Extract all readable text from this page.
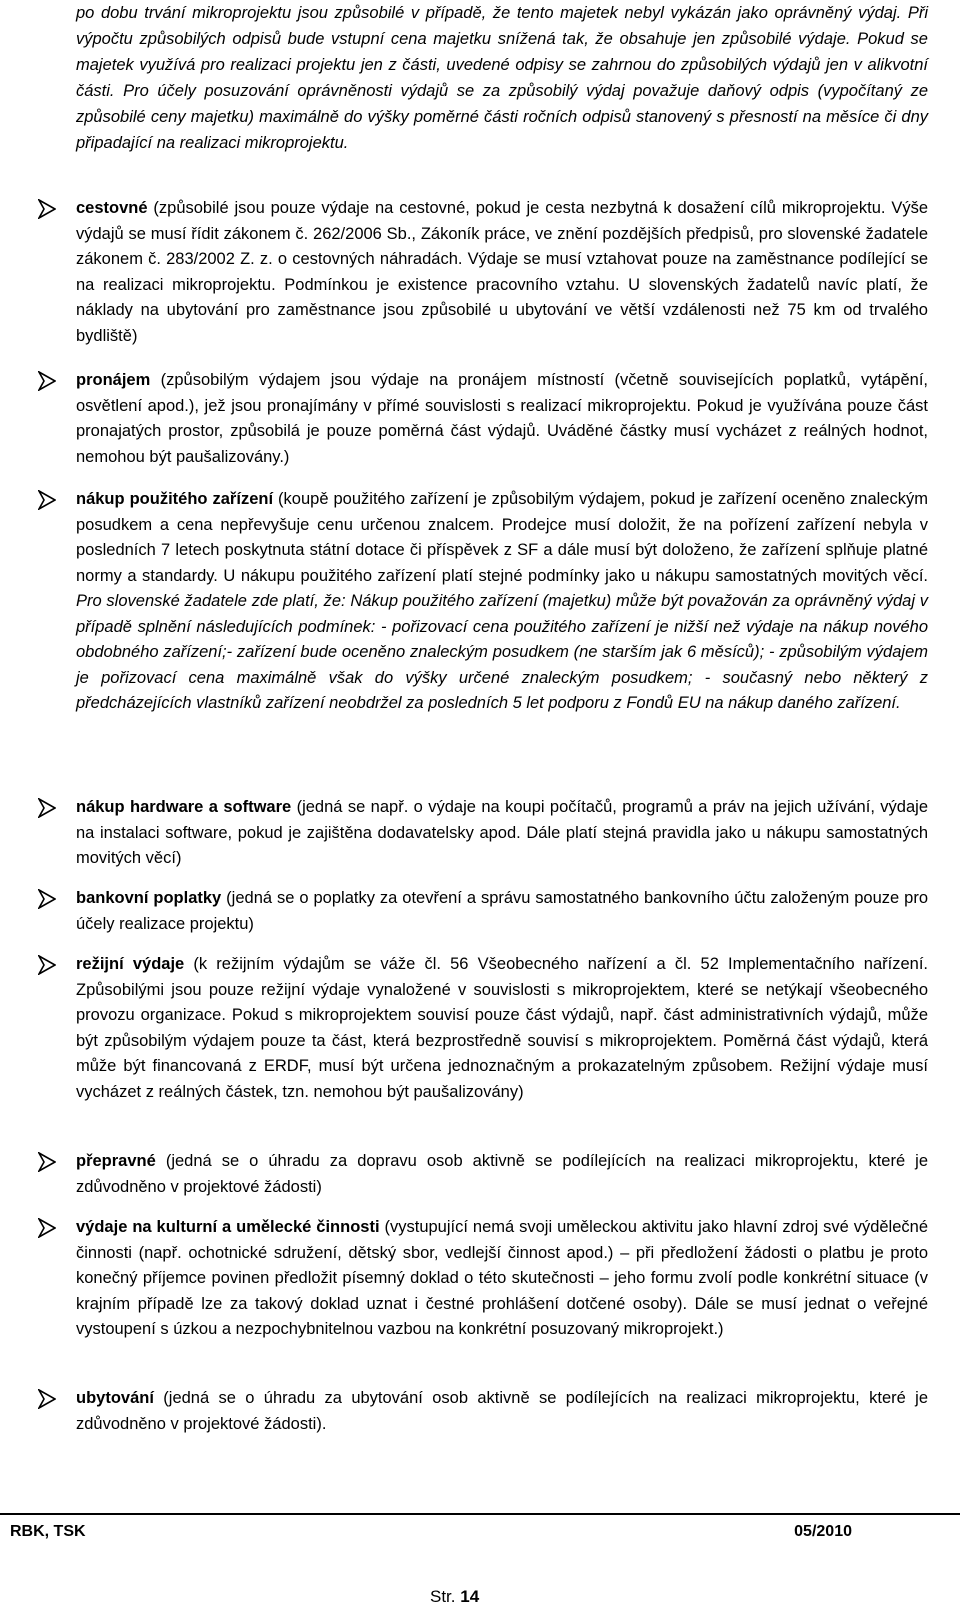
po dobu trvání mikroprojektu jsou způsobilé v případě, že tento majetek nebyl vykázán jako oprávněný výdaj. Při výpočtu způsobilých odpisů bude vstupní cena majetku snížená tak, že obsahuje jen způsobilé výdaje. Pokud se majetek využívá pro realizaci projektu jen z části, uvedené odpisy se zahrnou do způsobilých výdajů jen v alikvotní části. Pro účely posuzování oprávněnosti výdajů se za způsobilý výdaj považuje daňový odpis (vypočítaný ze způsobilé ceny majetku) maximálně do výšky poměrné části ročních odpisů stanovený s přesností na měsíce či dny připadající na realizaci mikroprojektu.
cestovné (způsobilé jsou pouze výdaje na cestovné, pokud je cesta nezbytná k dosažení cílů mikroprojektu. Výše výdajů se musí řídit zákonem č. 262/2006 Sb., Zákoník práce, ve znění pozdějších předpisů, pro slovenské žadatele zákonem č. 283/2002 Z. z. o cestovných náhradách. Výdaje se musí vztahovat pouze na zaměstnance podílející se na realizaci mikroprojektu. Podmínkou je existence pracovního vztahu. U slovenských žadatelů navíc platí, že náklady na ubytování pro zaměstnance jsou způsobilé u ubytování ve větší vzdálenosti než 75 km od trvalého bydliště)
pronájem (způsobilým výdajem jsou výdaje na pronájem místností (včetně souvisejících poplatků, vytápění, osvětlení apod.), jež jsou pronajímány v přímé souvislosti s realizací mikroprojektu. Pokud je využívána pouze část pronajatých prostor, způsobilá je pouze poměrná část výdajů. Uváděné částky musí vycházet z reálných hodnot, nemohou být paušalizovány.)
nákup použitého zařízení (koupě použitého zařízení je způsobilým výdajem, pokud je zařízení oceněno znaleckým posudkem a cena nepřevyšuje cenu určenou znalcem. Prodejce musí doložit, že na pořízení zařízení nebyla v posledních 7 letech poskytnuta státní dotace či příspěvek z SF a dále musí být doloženo, že zařízení splňuje platné normy a standardy. U nákupu použitého zařízení platí stejné podmínky jako u nákupu samostatných movitých věcí. Pro slovenské žadatele zde platí, že: Nákup použitého zařízení (majetku) může být považován za oprávněný výdaj v případě splnění následujících podmínek: - pořizovací cena použitého zařízení je nižší než výdaje na nákup nového obdobného zařízení;- zařízení bude oceněno znaleckým posudkem (ne starším jak 6 měsíců); - způsobilým výdajem je pořizovací cena maximálně však do výšky určené znaleckým posudkem; - současný nebo některý z předcházejících vlastníků zařízení neobdržel za posledních 5 let podporu z Fondů EU na nákup daného zařízení.
nákup hardware a software (jedná se např. o výdaje na koupi počítačů, programů a práv na jejich užívání, výdaje na instalaci software, pokud je zajištěna dodavatelsky apod. Dále platí stejná pravidla jako u nákupu samostatných movitých věcí)
bankovní poplatky (jedná se o poplatky za otevření a správu samostatného bankovního účtu založeným pouze pro účely realizace projektu)
režijní výdaje (k režijním výdajům se váže čl. 56 Všeobecného nařízení a čl. 52 Implementačního nařízení. Způsobilými jsou pouze režijní výdaje vynaložené v souvislosti s mikroprojektem, které se netýkají všeobecného provozu organizace. Pokud s mikroprojektem souvisí pouze část výdajů, např. část administrativních výdajů, může být způsobilým výdajem pouze ta část, která bezprostředně souvisí s mikroprojektem. Poměrná část výdajů, která může být financovaná z ERDF, musí být určena jednoznačným a prokazatelným způsobem. Režijní výdaje musí vycházet z reálných částek, tzn. nemohou být paušalizovány)
přepravné (jedná se o úhradu za dopravu osob aktivně se podílejících na realizaci mikroprojektu, které je zdůvodněno v projektové žádosti)
výdaje na kulturní a umělecké činnosti (vystupující nemá svoji uměleckou aktivitu jako hlavní zdroj své výdělečné činnosti (např. ochotnické sdružení, dětský sbor, vedlejší činnost apod.) – při předložení žádosti o platbu je proto konečný příjemce povinen předložit písemný doklad o této skutečnosti – jeho formu zvolí podle konkrétní situace (v krajním případě lze za takový doklad uznat i čestné prohlášení dotčené osoby). Dále se musí jednat o veřejné vystoupení s úzkou a nezpochybnitelnou vazbou na konkrétní posuzovaný mikroprojekt.)
ubytování (jedná se o úhradu za ubytování osob aktivně se podílejících na realizaci mikroprojektu, které je zdůvodněno v projektové žádosti).
RBK, TSK	05/2010
Str. 14
